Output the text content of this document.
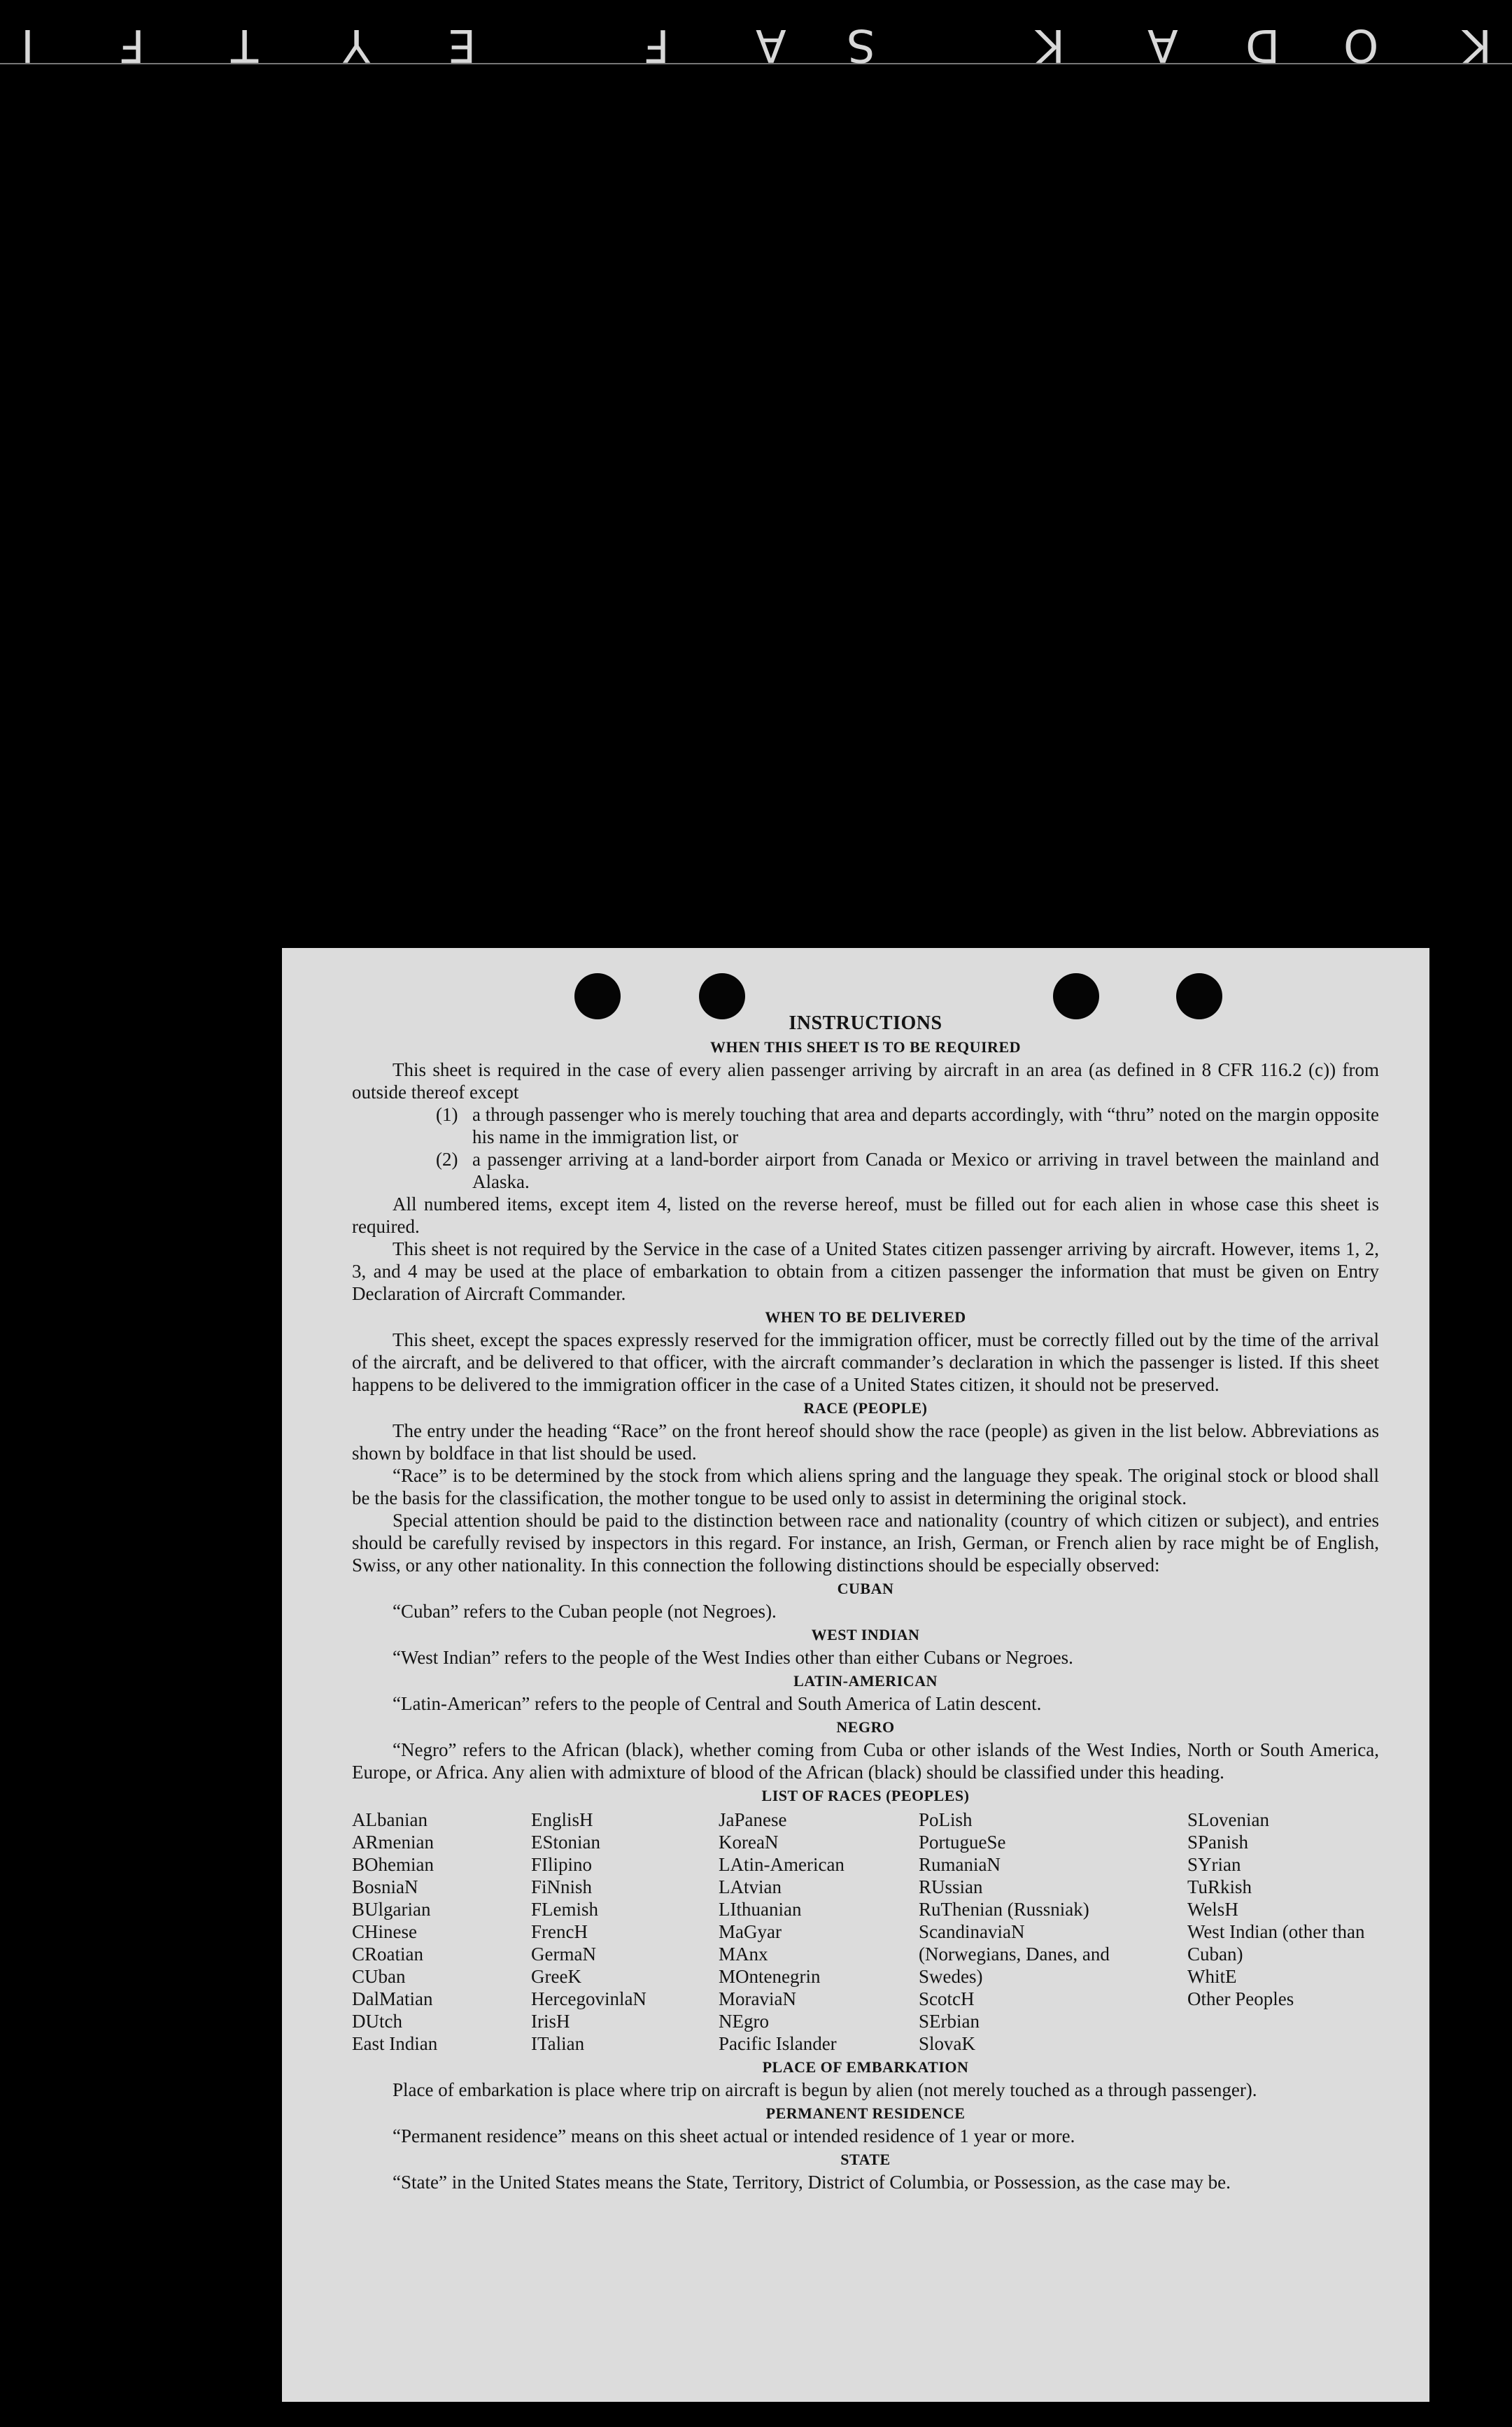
I F T Y	S
A
F
E	K A D O K
INSTRUCTIONS
WHEN THIS SHEET IS TO BE REQUIRED

This sheet is required in the case of every alien passenger arriving by aircraft in an area (as defined in 8 CFR 116.2 (c)) from outside thereof except

(1) a through passenger who is merely touching that area and departs accordingly, with “thru” noted on the margin opposite his name in the immigration list, or
(2) a passenger arriving at a land-border airport from Canada or Mexico or arriving in travel between the mainland and Alaska.

All numbered items, except item 4, listed on the reverse hereof, must be filled out for each alien in whose case this sheet is required.

This sheet is not required by the Service in the case of a United States citizen passenger arriving by aircraft. However, items 1, 2, 3, and 4 may be used at the place of embarkation to obtain from a citizen passenger the information that must be given on Entry Declaration of Aircraft Commander.

WHEN TO BE DELIVERED

This sheet, except the spaces expressly reserved for the immigration officer, must be correctly filled out by the time of the arrival of the aircraft, and be delivered to that officer, with the aircraft commander’s declaration in which the passenger is listed. If this sheet happens to be delivered to the immigration officer in the case of a United States citizen, it should not be preserved.

RACE (PEOPLE)

The entry under the heading “Race” on the front hereof should show the race (people) as given in the list below. Abbreviations as shown by boldface in that list should be used.

“Race” is to be determined by the stock from which aliens spring and the language they speak. The original stock or blood shall be the basis for the classification, the mother tongue to be used only to assist in determining the original stock.

Special attention should be paid to the distinction between race and nationality (country of which citizen or subject), and entries should be carefully revised by inspectors in this regard. For instance, an Irish, German, or French alien by race might be of English, Swiss, or any other nationality. In this connection the following distinctions should be especially observed:

CUBAN

“Cuban” refers to the Cuban people (not Negroes).

WEST INDIAN

“West Indian” refers to the people of the West Indies other than either Cubans or Negroes.

LATIN-AMERICAN

“Latin-American” refers to the people of Central and South America of Latin descent.

NEGRO

“Negro” refers to the African (black), whether coming from Cuba or other islands of the West Indies, North or South America, Europe, or Africa. Any alien with admixture of blood of the African (black) should be classified under this heading.

LIST OF RACES (PEOPLES)
ALbanian
ARmenian
BOhemian
BosniaN
BUlgarian
CHinese
CRoatian
CUban
DalMatian
DUtch
East Indian
EnglisH
EStonian
FIlipino
FiNnish
FLemish
FrencH
GermaN
GreeK
HercegovinlaN
IrisH
ITalian
JaPanese
KoreaN
LAtin-American
LAtvian
LIthuanian
MaGyar
MAnx
MOntenegrin
MoraviaN
NEgro
Pacific Islander
PoLish
PortugueSe
RumaniaN
RUssian
RuThenian (Russniak)
ScandinaviaN (Norwegians, Danes, and Swedes)
ScotcH
SErbian
SlovaK
SLovenian
SPanish
SYrian
TuRkish
WelsH
West Indian (other than Cuban)
WhitE
Other Peoples
PLACE OF EMBARKATION

Place of embarkation is place where trip on aircraft is begun by alien (not merely touched as a through passenger).

PERMANENT RESIDENCE

“Permanent residence” means on this sheet actual or intended residence of 1 year or more.

STATE

“State” in the United States means the State, Territory, District of Columbia, or Possession, as the case may be.
